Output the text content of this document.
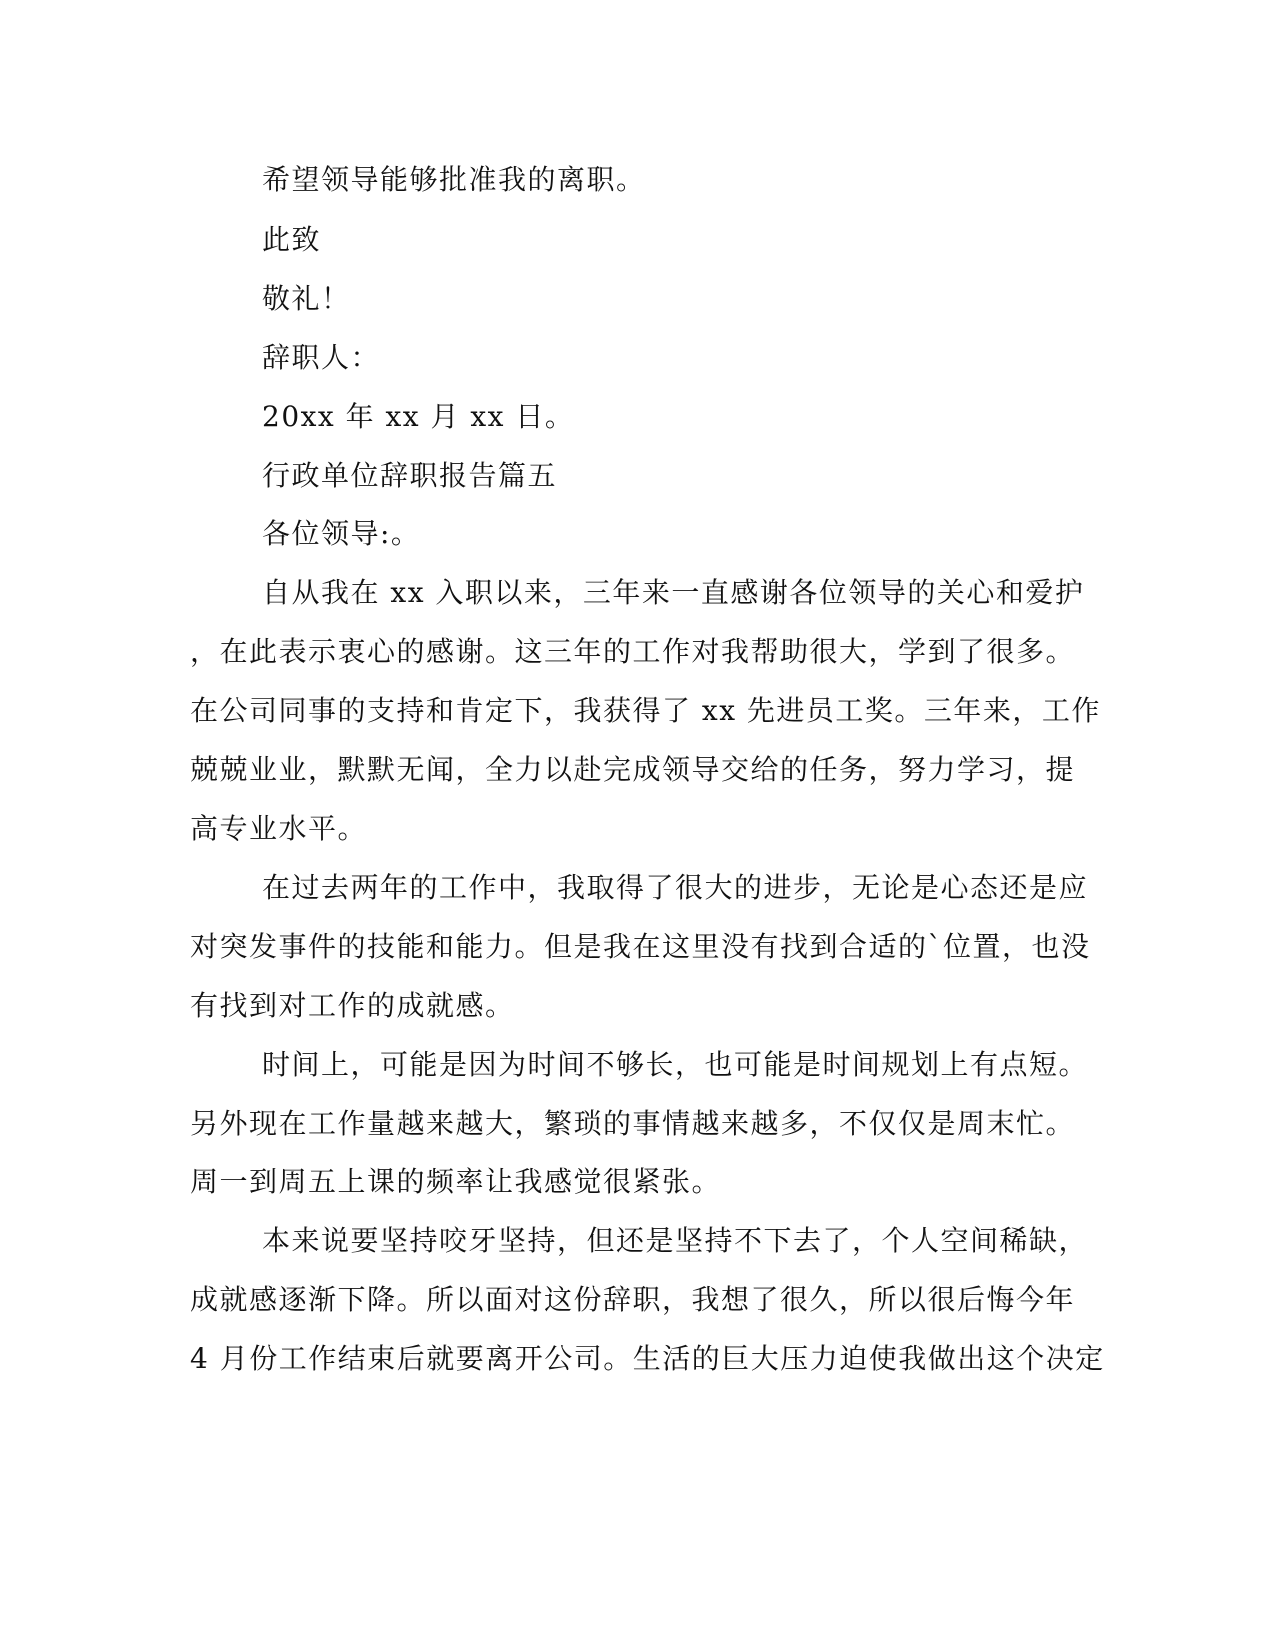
希望领导能够批准我的离职。
此致
敬礼！
辞职人：
20xx 年 xx 月 xx 日。
行政单位辞职报告篇五
各位领导:。
自从我在 xx 入职以来，三年来一直感谢各位领导的关心和爱护
，在此表示衷心的感谢。这三年的工作对我帮助很大，学到了很多。
在公司同事的支持和肯定下，我获得了 xx 先进员工奖。三年来，工作
兢兢业业，默默无闻，全力以赴完成领导交给的任务，努力学习，提
高专业水平。
在过去两年的工作中，我取得了很大的进步，无论是心态还是应
对突发事件的技能和能力。但是我在这里没有找到合适的`位置，也没
有找到对工作的成就感。
时间上，可能是因为时间不够长，也可能是时间规划上有点短。
另外现在工作量越来越大，繁琐的事情越来越多，不仅仅是周末忙。
周一到周五上课的频率让我感觉很紧张。
本来说要坚持咬牙坚持，但还是坚持不下去了，个人空间稀缺，
成就感逐渐下降。所以面对这份辞职，我想了很久，所以很后悔今年
4 月份工作结束后就要离开公司。生活的巨大压力迫使我做出这个决定
